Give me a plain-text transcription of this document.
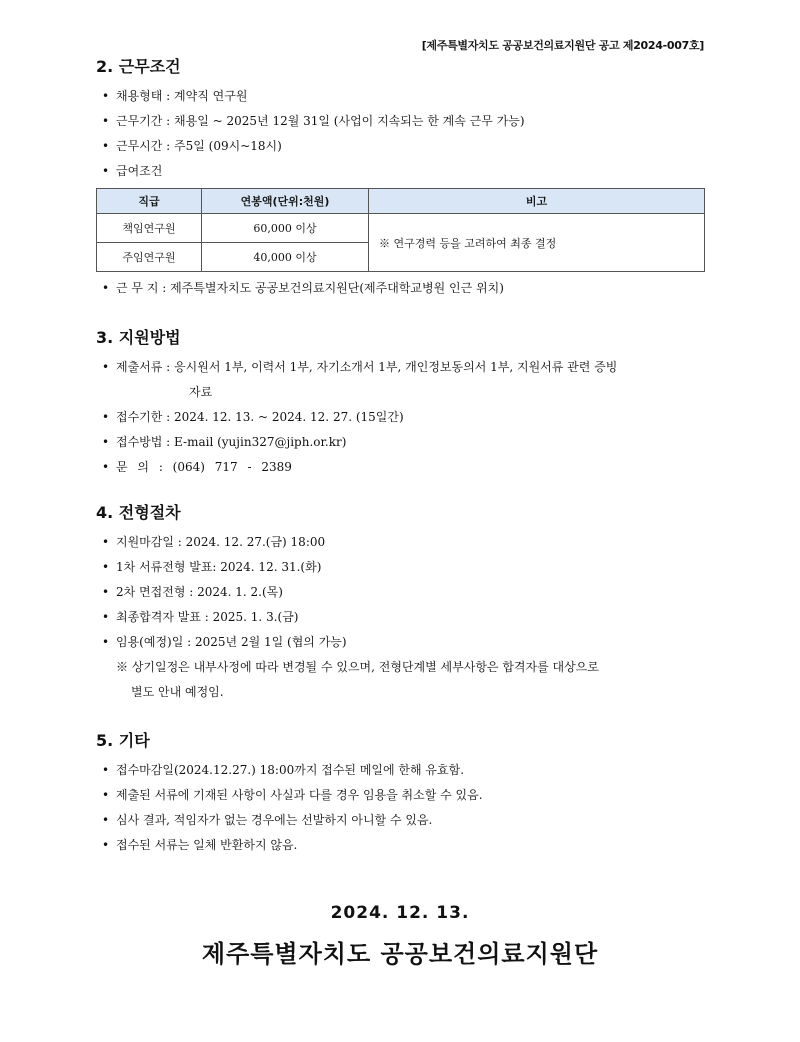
[제주특별자치도 공공보건의료지원단 공고 제2024-007호]
2. 근무조건
• 채용형태 : 계약직 연구원
• 근무기간 : 채용일 ~ 2025년 12월 31일 (사업이 지속되는 한 계속 근무 가능)
• 근무시간 : 주5일 (09시~18시)
• 급여조건
직급	연봉액(단위:천원)	비고
책임연구원	60,000 이상	※ 연구경력 등을 고려하여 최종 결정
주임연구원	40,000 이상	
• 근 무 지 : 제주특별자치도 공공보건의료지원단(제주대학교병원 인근 위치)
3. 지원방법
• 제출서류 : 응시원서 1부, 이력서 1부, 자기소개서 1부, 개인정보동의서 1부, 지원서류 관련 증빙
자료
• 접수기한 : 2024. 12. 13. ~ 2024. 12. 27. (15일간)
• 접수방법 : E-mail (yujin327@jiph.or.kr)
• 문 의 : (064) 717 - 2389
4. 전형절차
• 지원마감일 : 2024. 12. 27.(금) 18:00
• 1차 서류전형 발표: 2024. 12. 31.(화)
• 2차 면접전형 : 2024. 1. 2.(목)
• 최종합격자 발표 : 2025. 1. 3.(금)
• 임용(예정)일 : 2025년 2월 1일 (협의 가능)
※ 상기일정은 내부사정에 따라 변경될 수 있으며, 전형단계별 세부사항은 합격자를 대상으로
별도 안내 예정임.
5. 기타
• 접수마감일(2024.12.27.) 18:00까지 접수된 메일에 한해 유효함.
• 제출된 서류에 기재된 사항이 사실과 다를 경우 임용을 취소할 수 있음.
• 심사 결과, 적임자가 없는 경우에는 선발하지 아니할 수 있음.
• 접수된 서류는 일체 반환하지 않음.
2024. 12. 13.
제주특별자치도 공공보건의료지원단
